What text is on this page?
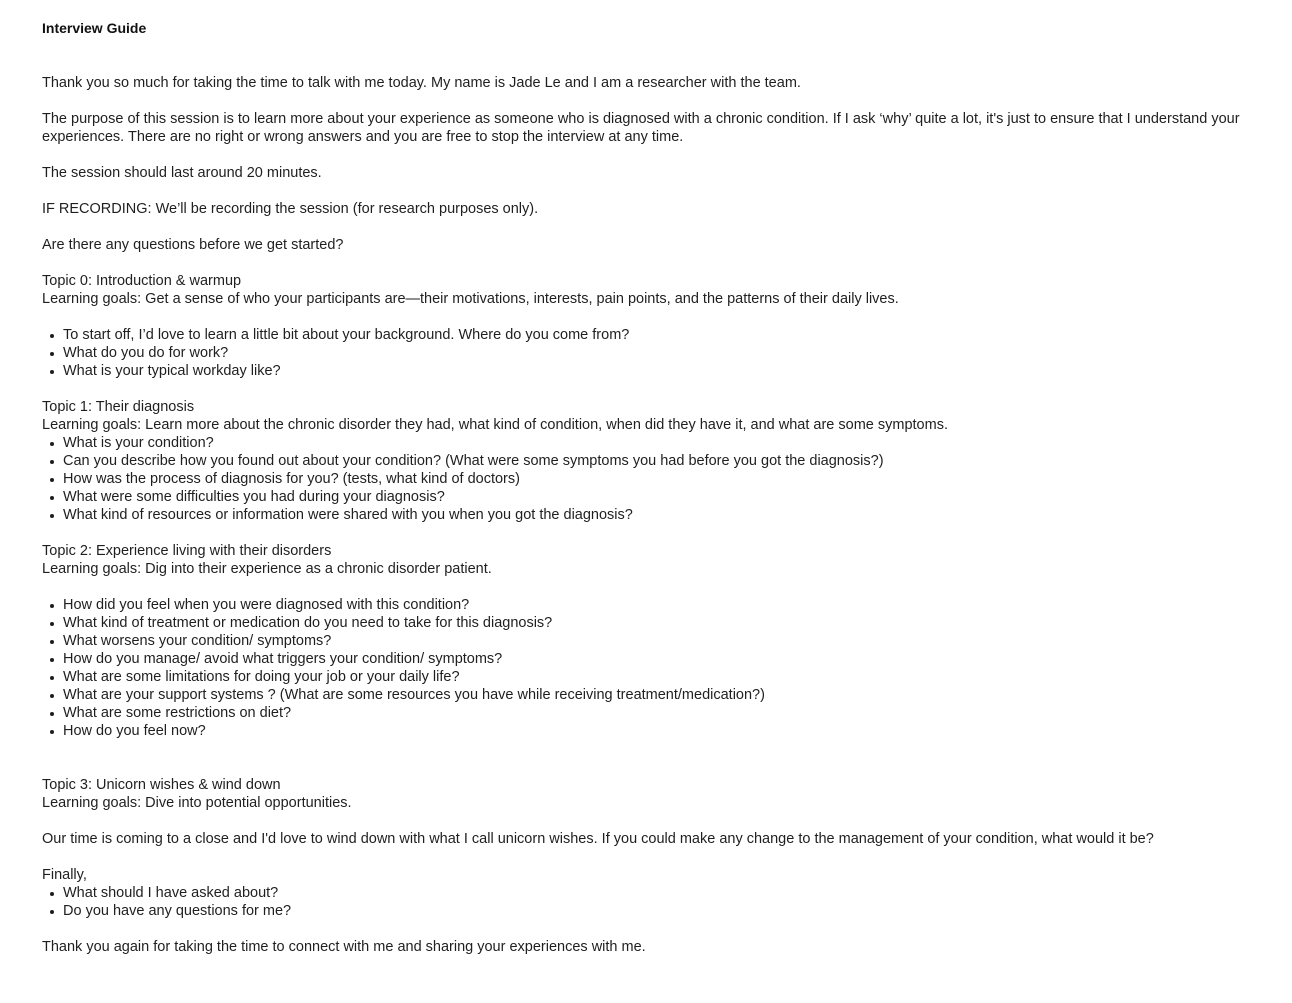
Interview Guide

Thank you so much for taking the time to talk with me today. My name is Jade Le and I am a researcher with the team.

The purpose of this session is to learn more about your experience as someone who is diagnosed with a chronic condition. If I ask ‘why’ quite a lot, it's just to ensure that I understand your experiences. There are no right or wrong answers and you are free to stop the interview at any time.

The session should last around 20 minutes.

IF RECORDING: We’ll be recording the session (for research purposes only).

Are there any questions before we get started?

Topic 0: Introduction & warmup

Learning goals: Get a sense of who your participants are—their motivations, interests, pain points, and the patterns of their daily lives.

To start off, I’d love to learn a little bit about your background. Where do you come from?
What do you do for work?
What is your typical workday like?

Topic 1: Their diagnosis

Learning goals: Learn more about the chronic disorder they had, what kind of condition, when did they have it, and what are some symptoms.

What is your condition?
Can you describe how you found out about your condition? (What were some symptoms you had before you got the diagnosis?)
How was the process of diagnosis for you? (tests, what kind of doctors)
What were some difficulties you had during your diagnosis?
What kind of resources or information were shared with you when you got the diagnosis?

Topic 2: Experience living with their disorders

Learning goals: Dig into their experience as a chronic disorder patient.

How did you feel when you were diagnosed with this condition?
What kind of treatment or medication do you need to take for this diagnosis?
What worsens your condition/ symptoms?
How do you manage/ avoid what triggers your condition/ symptoms?
What are some limitations for doing your job or your daily life?
What are your support systems ? (What are some resources you have while receiving treatment/medication?)
What are some restrictions on diet?
How do you feel now?

Topic 3: Unicorn wishes & wind down

Learning goals: Dive into potential opportunities.

Our time is coming to a close and I'd love to wind down with what I call unicorn wishes. If you could make any change to the management of your condition, what would it be?

Finally,

What should I have asked about?
Do you have any questions for me?

Thank you again for taking the time to connect with me and sharing your experiences with me.
